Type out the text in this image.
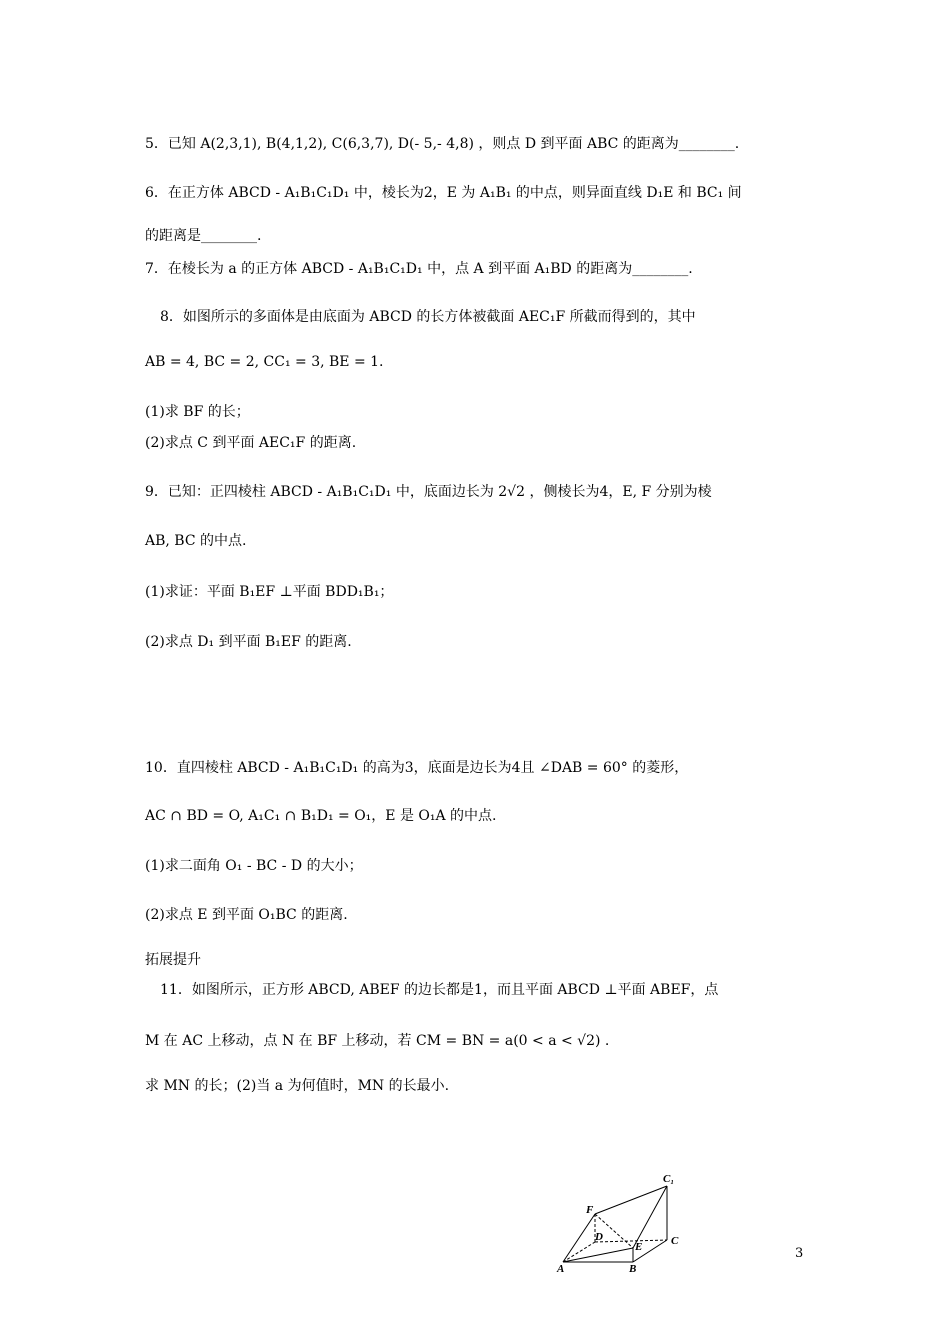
5．已知 A(2,3,1), B(4,1,2), C(6,3,7), D(- 5,- 4,8) ，则点 D 到平面 ABC 的距离为________.
6．在正方体 ABCD - A₁B₁C₁D₁ 中，棱长为2，E 为 A₁B₁ 的中点，则异面直线 D₁E 和 BC₁ 间
的距离是________.
7．在棱长为 a 的正方体 ABCD - A₁B₁C₁D₁ 中，点 A 到平面 A₁BD 的距离为________.
8．如图所示的多面体是由底面为 ABCD 的长方体被截面 AEC₁F 所截而得到的，其中
AB = 4, BC = 2, CC₁ = 3, BE = 1.
(1)求 BF 的长；
(2)求点 C 到平面 AEC₁F 的距离.
9．已知：正四棱柱 ABCD - A₁B₁C₁D₁ 中，底面边长为 2√2 ，侧棱长为4，E, F 分别为棱
AB, BC 的中点.
(1)求证：平面 B₁EF ⊥平面 BDD₁B₁；
(2)求点 D₁ 到平面 B₁EF 的距离.
10．直四棱柱 ABCD - A₁B₁C₁D₁ 的高为3，底面是边长为4且 ∠DAB = 60° 的菱形，
AC ∩ BD = O, A₁C₁ ∩ B₁D₁ = O₁，E 是 O₁A 的中点.
(1)求二面角 O₁ - BC - D 的大小；
(2)求点 E 到平面 O₁BC 的距离.
拓展提升
11．如图所示，正方形 ABCD, ABEF 的边长都是1，而且平面 ABCD ⊥平面 ABEF，点
M 在 AC 上移动，点 N 在 BF 上移动，若 CM = BN = a(0 < a < √2) .
求 MN 的长；(2)当 a 为何值时，MN 的长最小.
A	B
C
D
E
F
C₁
3
